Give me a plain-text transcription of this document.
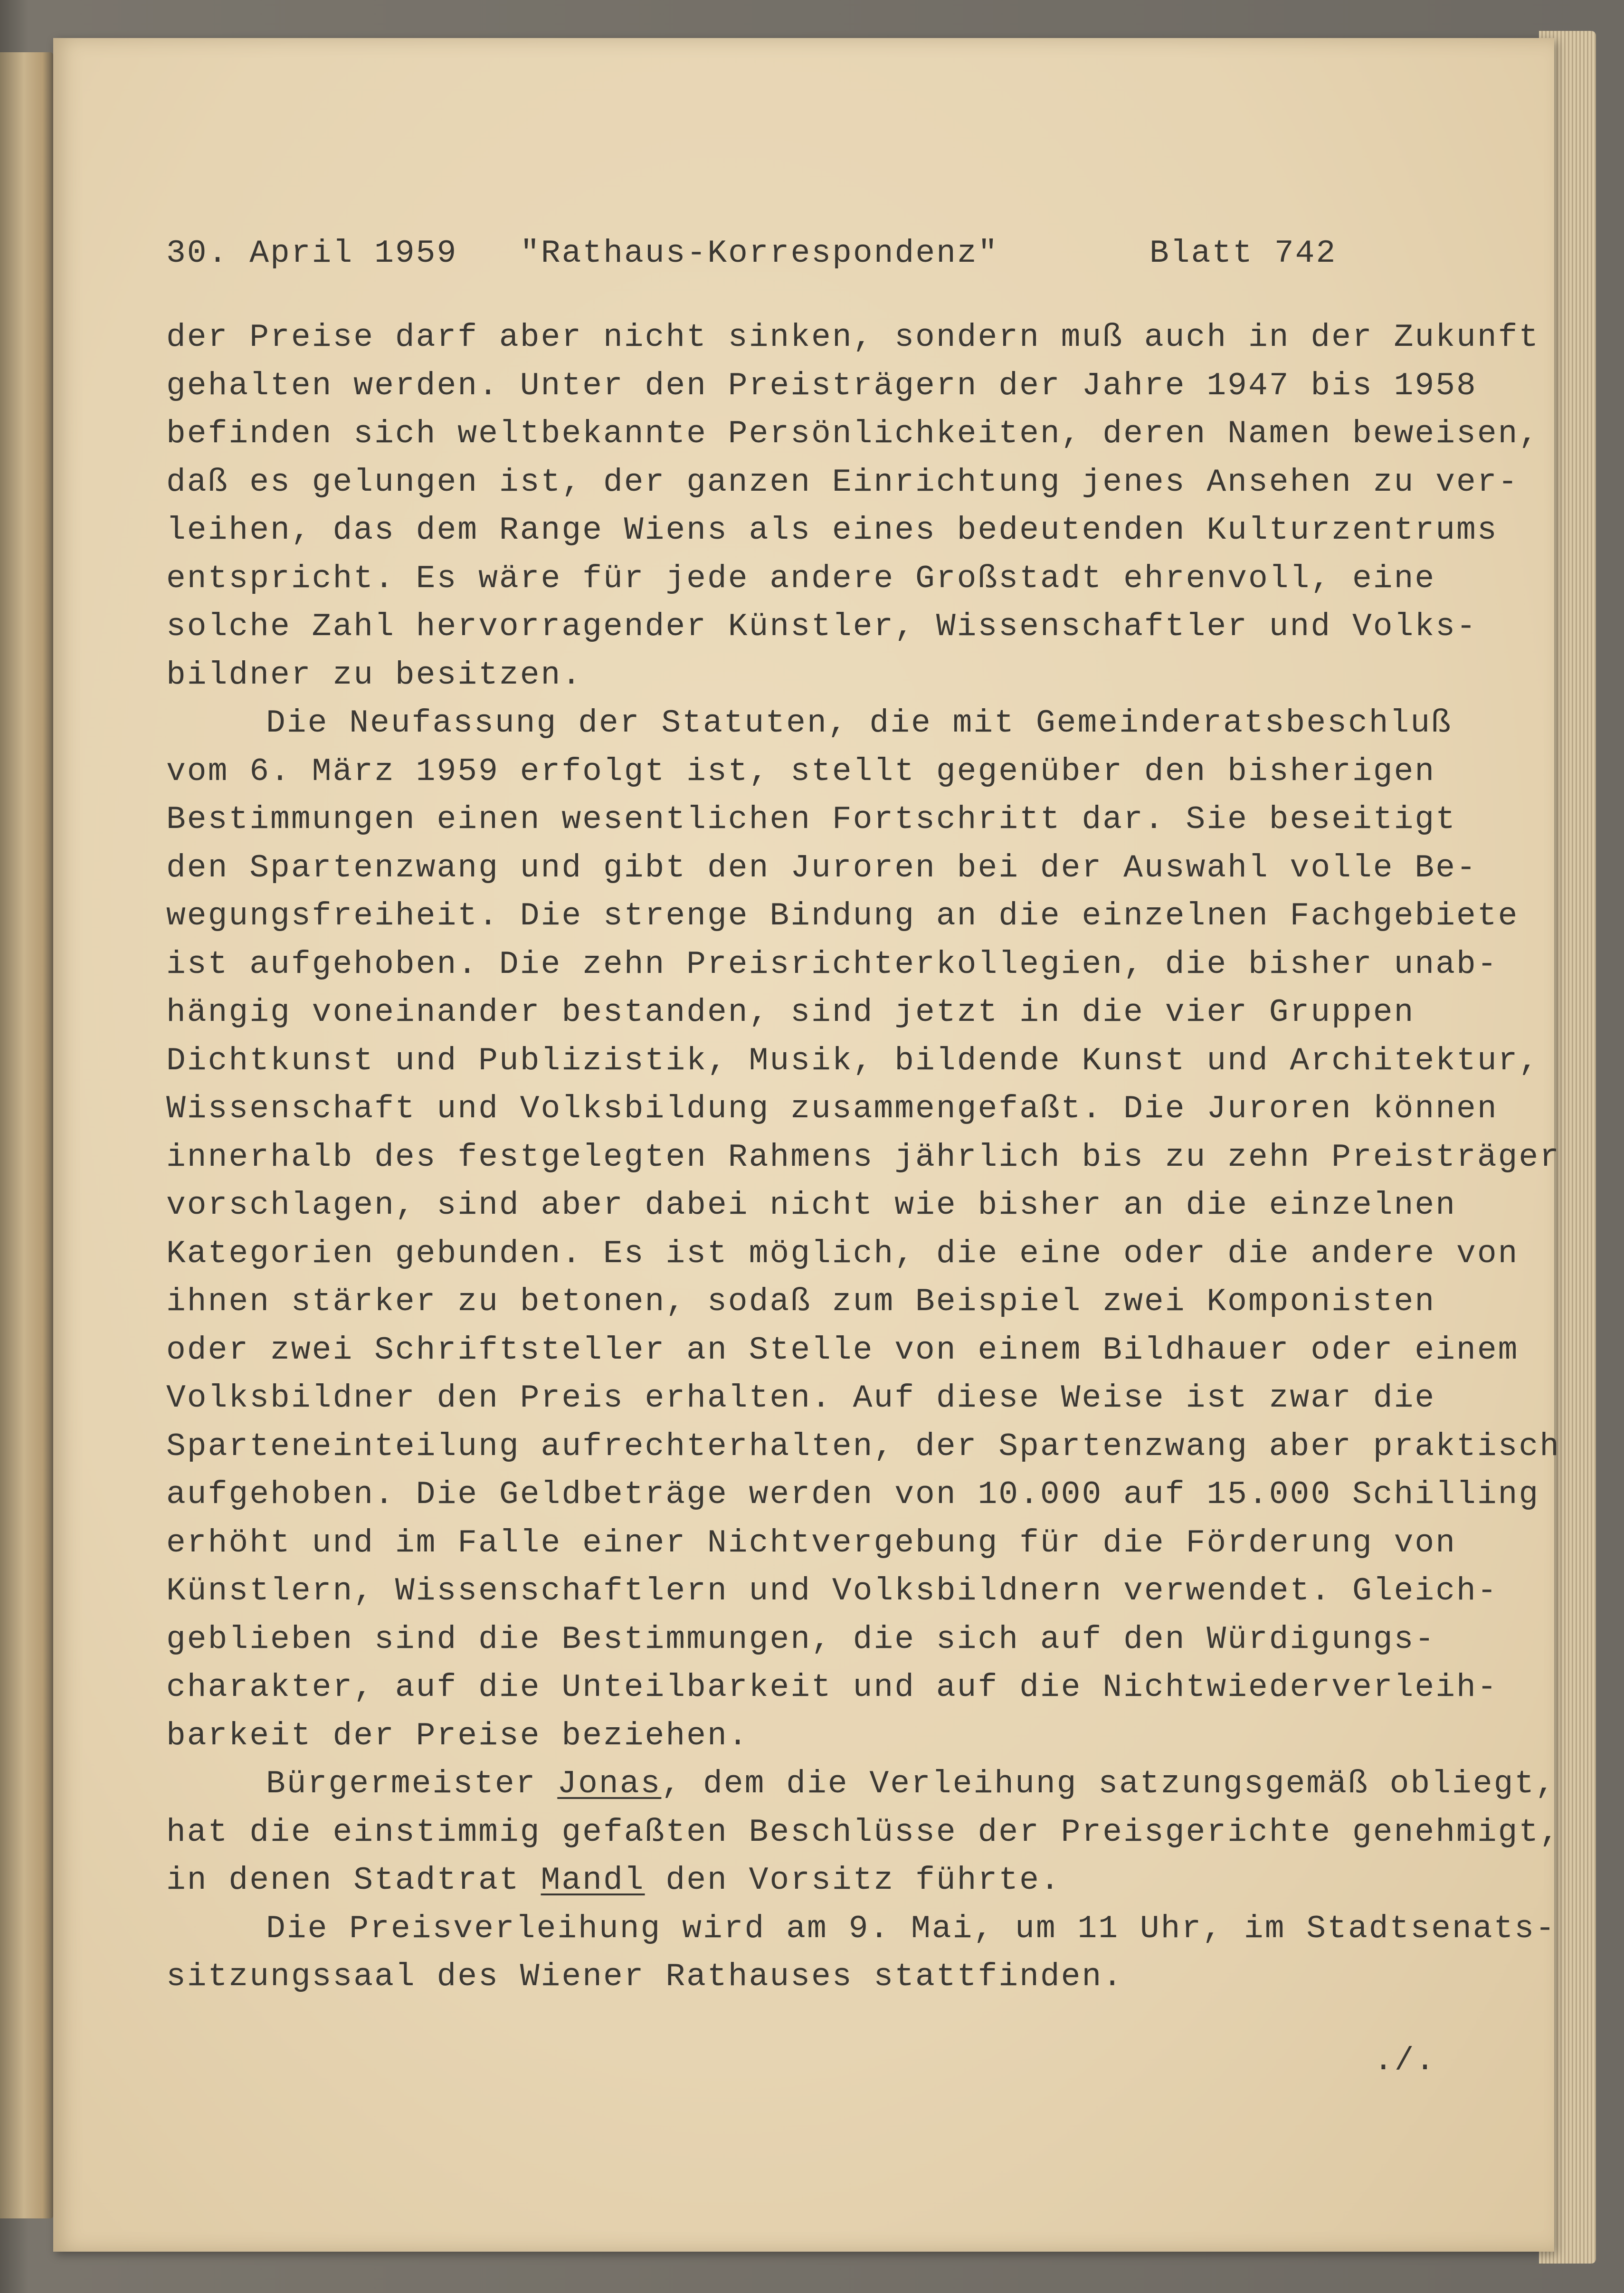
30. April 1959

"Rathaus-Korrespondenz"

	Blatt 742

der Preise darf aber nicht sinken, sondern muß auch in der Zukunft
gehalten werden. Unter den Preisträgern der Jahre 1947 bis 1958
befinden sich weltbekannte Persönlichkeiten, deren Namen beweisen,
daß es gelungen ist, der ganzen Einrichtung jenes Ansehen zu ver-
leihen, das dem Range Wiens als eines bedeutenden Kulturzentrums
entspricht. Es wäre für jede andere Großstadt ehrenvoll, eine
solche Zahl hervorragender Künstler, Wissenschaftler und Volks-
bildner zu besitzen.
Die Neufassung der Statuten, die mit Gemeinderatsbeschluß
vom 6. März 1959 erfolgt ist, stellt gegenüber den bisherigen
Bestimmungen einen wesentlichen Fortschritt dar. Sie beseitigt
den Spartenzwang und gibt den Juroren bei der Auswahl volle Be-
wegungsfreiheit. Die strenge Bindung an die einzelnen Fachgebiete
ist aufgehoben. Die zehn Preisrichterkollegien, die bisher unab-
hängig voneinander bestanden, sind jetzt in die vier Gruppen
Dichtkunst und Publizistik, Musik, bildende Kunst und Architektur,
Wissenschaft und Volksbildung zusammengefaßt. Die Juroren können
innerhalb des festgelegten Rahmens jährlich bis zu zehn Preisträger
vorschlagen, sind aber dabei nicht wie bisher an die einzelnen
Kategorien gebunden. Es ist möglich, die eine oder die andere von
ihnen stärker zu betonen, sodaß zum Beispiel zwei Komponisten
oder zwei Schriftsteller an Stelle von einem Bildhauer oder einem
Volksbildner den Preis erhalten. Auf diese Weise ist zwar die
Sparteneinteilung aufrechterhalten, der Spartenzwang aber praktisch
aufgehoben. Die Geldbeträge werden von 10.000 auf 15.000 Schilling
erhöht und im Falle einer Nichtvergebung für die Förderung von
Künstlern, Wissenschaftlern und Volksbildnern verwendet. Gleich-
geblieben sind die Bestimmungen, die sich auf den Würdigungs-
charakter, auf die Unteilbarkeit und auf die Nichtwiederverleih-
barkeit der Preise beziehen.
Bürgermeister Jonas, dem die Verleihung satzungsgemäß obliegt,
hat die einstimmig gefaßten Beschlüsse der Preisgerichte genehmigt,
in denen Stadtrat Mandl den Vorsitz führte.
Die Preisverleihung wird am 9. Mai, um 11 Uhr, im Stadtsenats-
sitzungssaal des Wiener Rathauses stattfinden.
./.
